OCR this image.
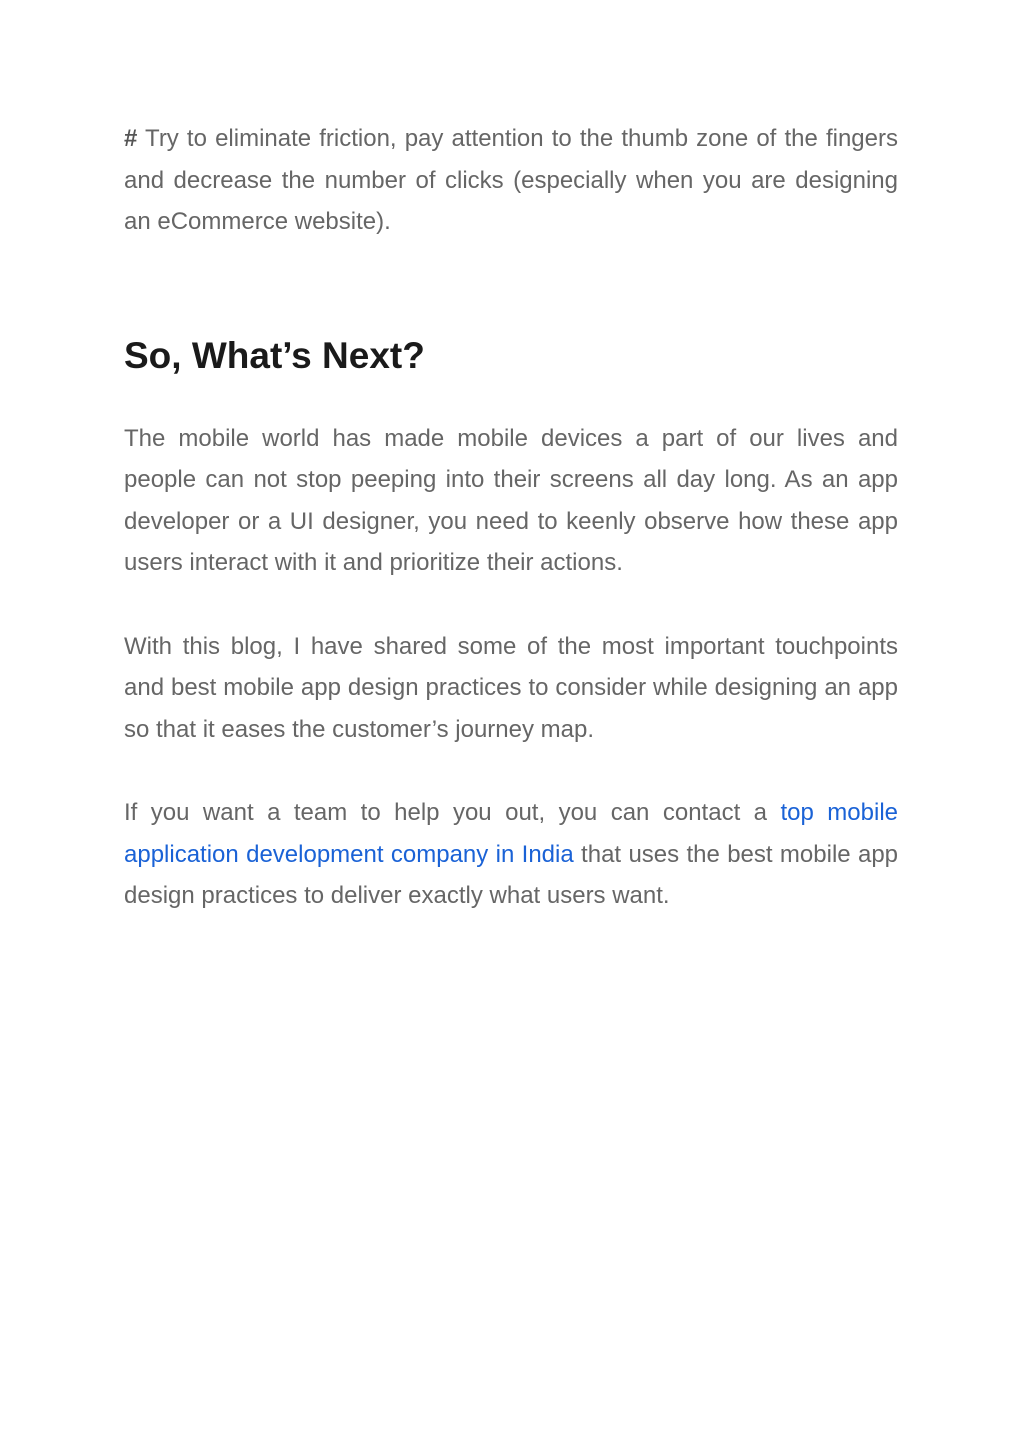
# Try to eliminate friction, pay attention to the thumb zone of the fingers and decrease the number of clicks (especially when you are designing an eCommerce website).

So, What’s Next?

The mobile world has made mobile devices a part of our lives and people can not stop peeping into their screens all day long. As an app developer or a UI designer, you need to keenly observe how these app users interact with it and prioritize their actions.

With this blog, I have shared some of the most important touchpoints and best mobile app design practices to consider while designing an app so that it eases the customer’s journey map.

If you want a team to help you out, you can contact a top mobile application development company in India that uses the best mobile app design practices to deliver exactly what users want.
